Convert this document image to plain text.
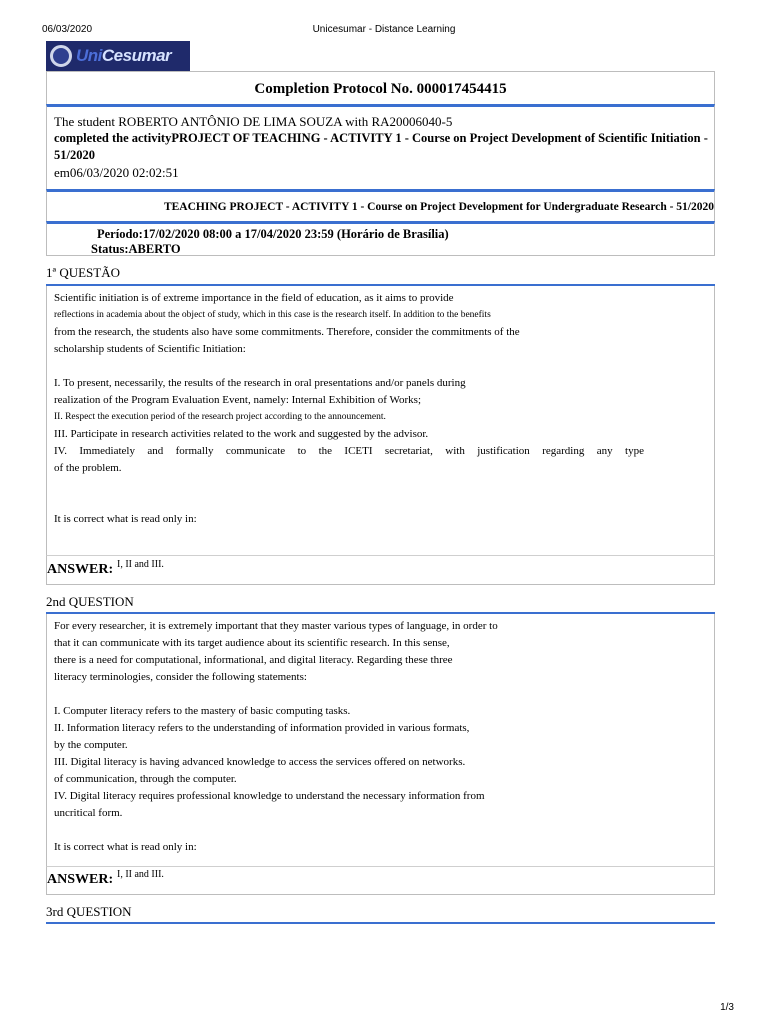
Unicesumar - Distance Learning
06/03/2020
UniCesumar
Completion Protocol No. 000017454415
The student ROBERTO ANTÔNIO DE LIMA SOUZA with RA20006040-5
completed the activityPROJECT OF TEACHING - ACTIVITY 1 - Course on Project Development of Scientific Initiation -
51/2020
em06/03/2020 02:02:51
TEACHING PROJECT - ACTIVITY 1 - Course on Project Development for Undergraduate Research - 51/2020
Período:17/02/2020 08:00 a 17/04/2020 23:59 (Horário de Brasília)
Status:ABERTO
1ª QUESTÃO
Scientific initiation is of extreme importance in the field of education, as it aims to provide
reflections in academia about the object of study, which in this case is the research itself. In addition to the benefits
from the research, the students also have some commitments. Therefore, consider the commitments of the
scholarship students of Scientific Initiation:
I. To present, necessarily, the results of the research in oral presentations and/or panels during
realization of the Program Evaluation Event, namely: Internal Exhibition of Works;
II. Respect the execution period of the research project according to the announcement.
III. Participate in research activities related to the work and suggested by the advisor.
IV. Immediately and formally communicate to the ICETI secretariat, with justification regarding any type
of the problem.
It is correct what is read only in:
ANSWER: I, II and III.
2nd QUESTION
For every researcher, it is extremely important that they master various types of language, in order to
that it can communicate with its target audience about its scientific research. In this sense,
there is a need for computational, informational, and digital literacy. Regarding these three
literacy terminologies, consider the following statements:
I. Computer literacy refers to the mastery of basic computing tasks.
II. Information literacy refers to the understanding of information provided in various formats,
by the computer.
III. Digital literacy is having advanced knowledge to access the services offered on networks.
of communication, through the computer.
IV. Digital literacy requires professional knowledge to understand the necessary information from
uncritical form.
It is correct what is read only in:
ANSWER: I, II and III.
3rd QUESTION
1/3
